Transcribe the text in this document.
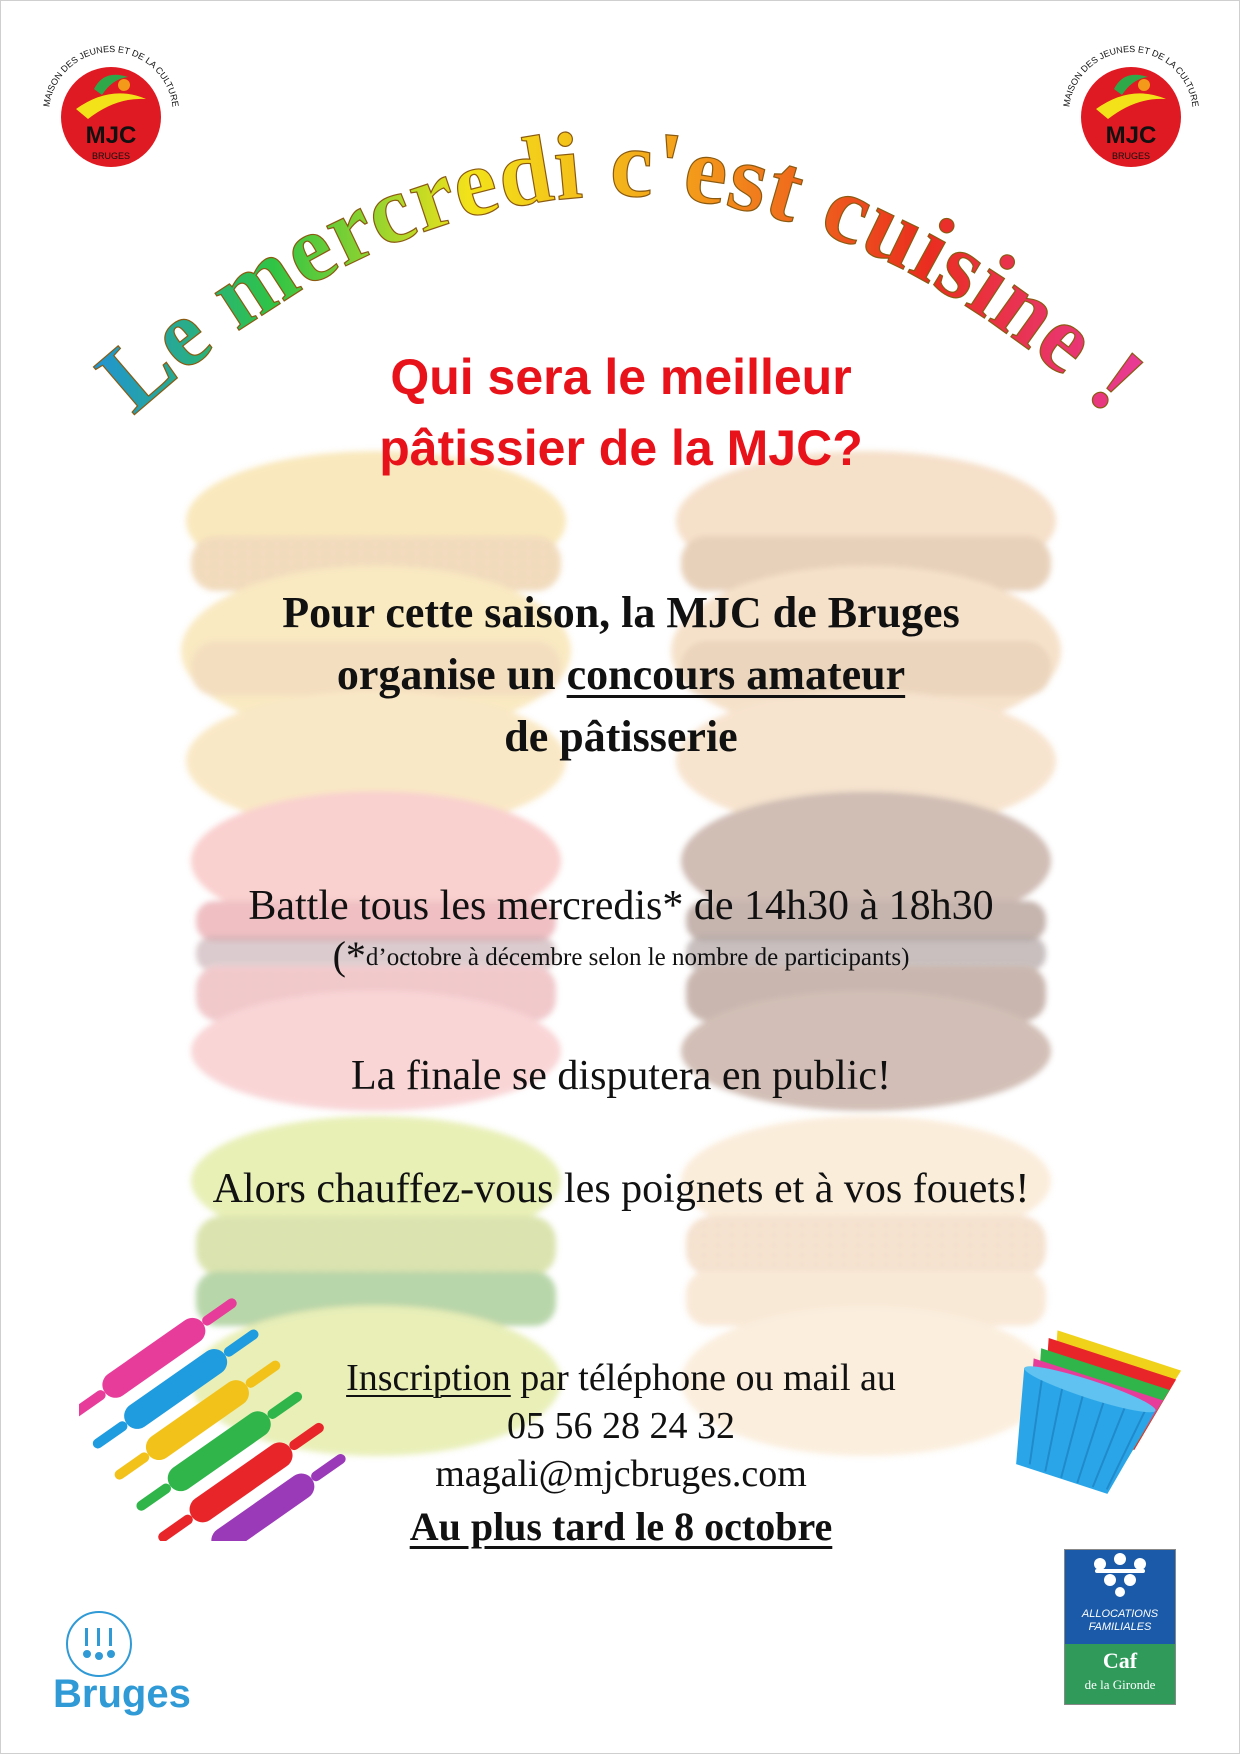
MJC
BRUGES
MAISON DES JEUNES ET DE LA CULTURE
MJC
BRUGES
MAISON DES JEUNES ET DE LA CULTURE
Le mercredi c'est cuisine !
Qui sera le meilleur
pâtissier de la MJC?
Pour cette saison, la MJC de Bruges
organise un concours amateur
de pâtisserie
Battle tous les mercredis* de 14h30 à 18h30
(*d’octobre à décembre selon le nombre de participants)
La finale se disputera en public!
Alors chauffez-vous les poignets et à vos fouets!
Inscription par téléphone ou mail au
05 56 28 24 32
magali@mjcbruges.com
Au plus tard le 8 octobre
Bruges
ALLOCATIONS
FAMILIALES
Caf
de la Gironde
